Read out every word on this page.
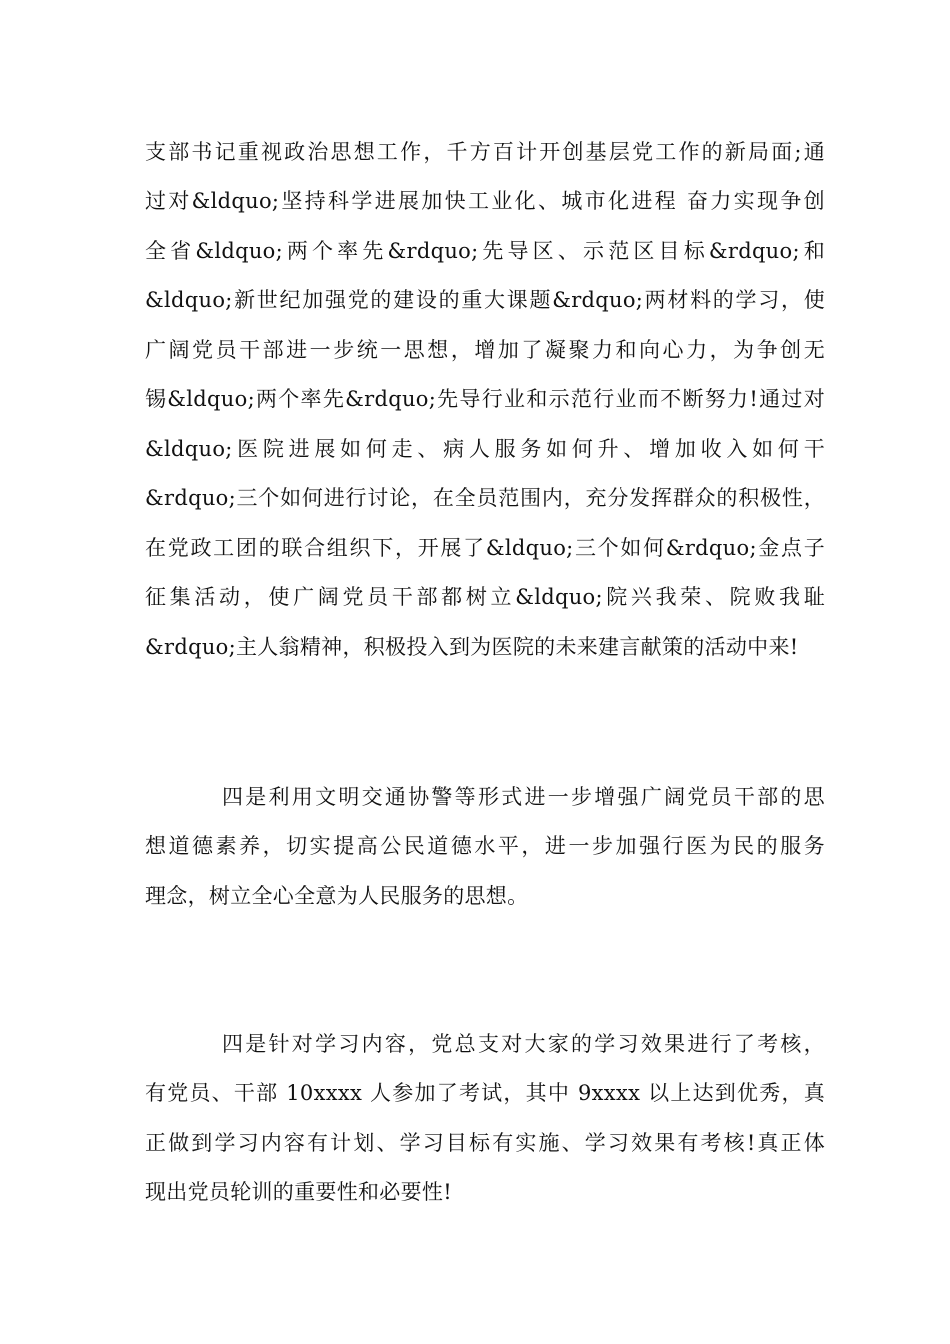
支部书记重视政治思想工作，千方百计开创基层党工作的新局面;通
过对&ldquo;坚持科学进展加快工业化、城市化进程 奋力实现争创
全省&ldquo;两个率先&rdquo;先导区、示范区目标&rdquo;和
&ldquo;新世纪加强党的建设的重大课题&rdquo;两材料的学习，使
广阔党员干部进一步统一思想，增加了凝聚力和向心力，为争创无
锡&ldquo;两个率先&rdquo;先导行业和示范行业而不断努力!通过对
&ldquo;医院进展如何走、病人服务如何升、增加收入如何干
&rdquo;三个如何进行讨论，在全员范围内，充分发挥群众的积极性，
在党政工团的联合组织下，开展了&ldquo;三个如何&rdquo;金点子
征集活动，使广阔党员干部都树立&ldquo;院兴我荣、院败我耻
&rdquo;主人翁精神，积极投入到为医院的未来建言献策的活动中来!
四是利用文明交通协警等形式进一步增强广阔党员干部的思
想道德素养，切实提高公民道德水平，进一步加强行医为民的服务
理念，树立全心全意为人民服务的思想。
四是针对学习内容，党总支对大家的学习效果进行了考核，
有党员、干部 10xxxx 人参加了考试，其中 9xxxx 以上达到优秀，真
正做到学习内容有计划、学习目标有实施、学习效果有考核!真正体
现出党员轮训的重要性和必要性!
